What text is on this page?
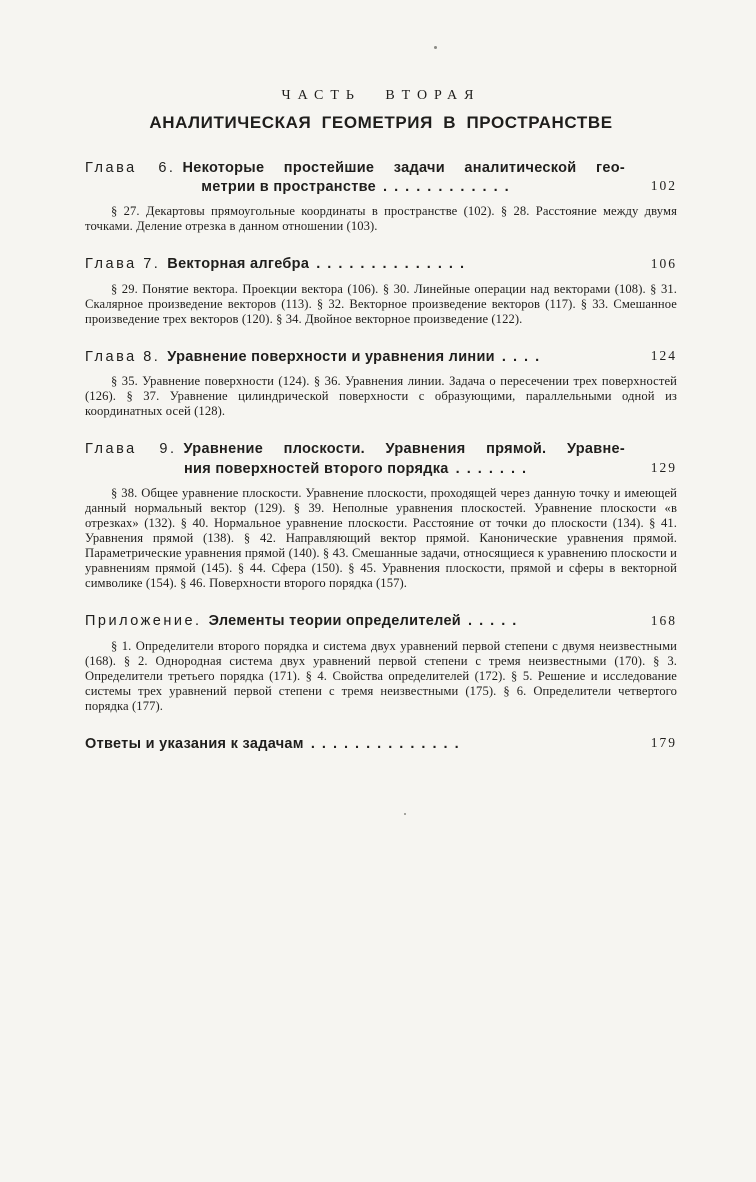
ЧАСТЬ ВТОРАЯ
АНАЛИТИЧЕСКАЯ ГЕОМЕТРИЯ В ПРОСТРАНСТВЕ
Глава 6. Некоторые простейшие задачи аналитической гео-
метрии в пространстве . . . . . . . . . . . .	102
§ 27. Декартовы прямоугольные координаты в пространстве (102). § 28. Расстояние между двумя точками. Деление отрезка в данном отношении (103).
Глава 7. Векторная алгебра . . . . . . . . . . . . . .	106
§ 29. Понятие вектора. Проекции вектора (106). § 30. Линейные операции над векторами (108). § 31. Скалярное произведение векторов (113). § 32. Векторное произведение векторов (117). § 33. Смешанное произведение трех векторов (120). § 34. Двойное векторное произведение (122).
Глава 8. Уравнение поверхности и уравнения линии . . . .	124
§ 35. Уравнение поверхности (124). § 36. Уравнения линии. Задача о пересечении трех поверхностей (126). § 37. Уравнение цилиндрической поверхности с образующими, параллельными одной из координатных осей (128).
Глава 9. Уравнение плоскости. Уравнения прямой. Уравне-
ния поверхностей второго порядка . . . . . . .	129
§ 38. Общее уравнение плоскости. Уравнение плоскости, проходящей через данную точку и имеющей данный нормальный вектор (129). § 39. Неполные уравнения плоскостей. Уравнение плоскости «в отрезках» (132). § 40. Нормальное уравнение плоскости. Расстояние от точки до плоскости (134). § 41. Уравнения прямой (138). § 42. Направляющий вектор прямой. Канонические уравнения прямой. Параметрические уравнения прямой (140). § 43. Смешанные задачи, относящиеся к уравнению плоскости и уравнениям прямой (145). § 44. Сфера (150). § 45. Уравнения плоскости, прямой и сферы в векторной символике (154). § 46. Поверхности второго порядка (157).
Приложение. Элементы теории определителей . . . . .	168
§ 1. Определители второго порядка и система двух уравнений первой степени с двумя неизвестными (168). § 2. Однородная система двух уравнений первой степени с тремя неизвестными (170). § 3. Определители третьего порядка (171). § 4. Свойства определителей (172). § 5. Решение и исследование системы трех уравнений первой степени с тремя неизвестными (175). § 6. Определители четвертого порядка (177).
Ответы и указания к задачам . . . . . . . . . . . . . .	179
